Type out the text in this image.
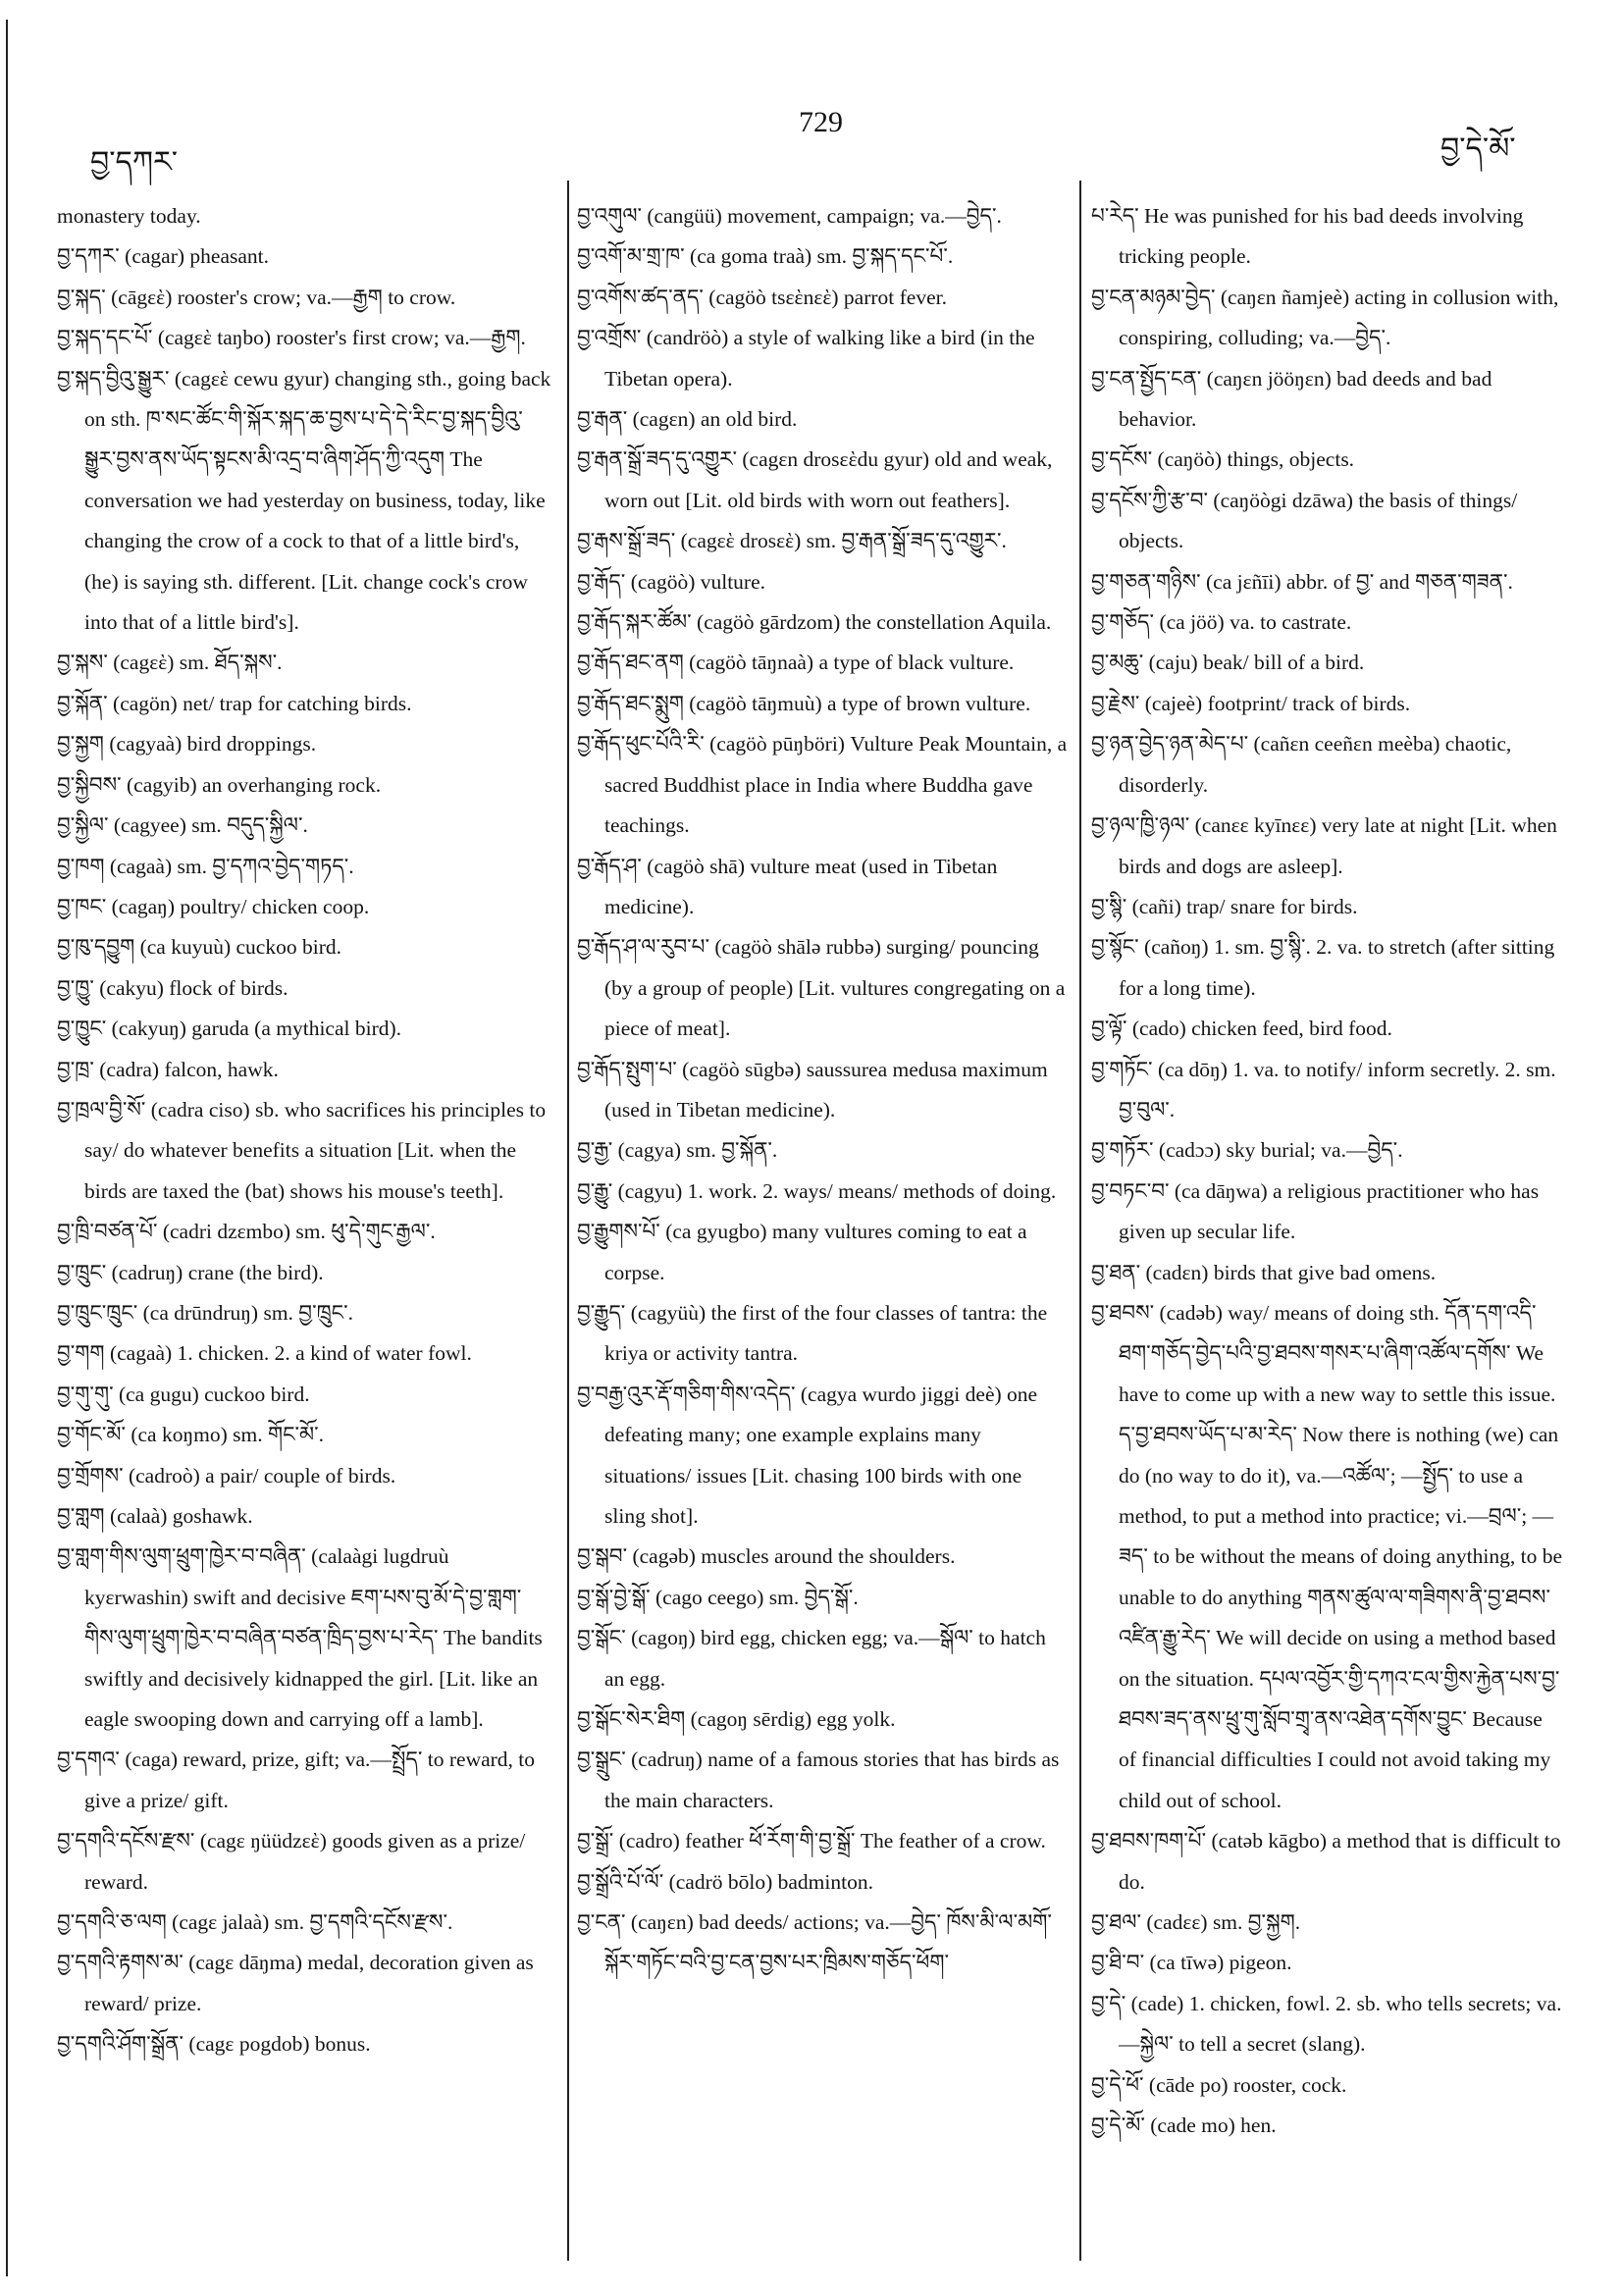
བྱ་དཀར་
729
བྱ་དེ་མོ་

monastery today.

བྱ་དཀར་ (cagar) pheasant.

བྱ་སྐད་ (cāgεὲ) rooster's crow; va.—རྒྱག to crow.

བྱ་སྐད་དང་པོ་ (cagεὲ taŋbo) rooster's first crow; va.—རྒྱག.

བྱ་སྐད་བྱིའུ་སྒྱུར་ (cagεὲ cewu gyur) changing sth., going back on sth. ཁ་སང་ཚོང་གི་སྐོར་སྐད་ཆ་བྱས་པ་དེ་དེ་རིང་བྱ་སྐད་བྱིའུ་སྒྱུར་བྱས་ནས་ཡོད་སྟངས་མི་འདྲ་བ་ཞིག་ཤོད་ཀྱི་འདུག The conversation we had yesterday on business, today, like changing the crow of a cock to that of a little bird's, (he) is saying sth. different. [Lit. change cock's crow into that of a little bird's].

བྱ་སྐས་ (cagεὲ) sm. ཐོད་སྐས་.

བྱ་སྐོན་ (cagön) net/ trap for catching birds.

བྱ་སྐྱག (cagyaà) bird droppings.

བྱ་སྐྱིབས་ (cagyib) an overhanging rock.

བྱ་སྐྱིལ་ (cagyee) sm. བདུད་སྐྱིལ་.

བྱ་ཁག (cagaà) sm. བྱ་དཀའ་བྱེད་གཏད་.

བྱ་ཁང་ (cagaŋ) poultry/ chicken coop.

བྱ་ཁུ་དབྱུག (ca kuyuù) cuckoo bird.

བྱ་ཁྱུ་ (cakyu) flock of birds.

བྱ་ཁྱུང་ (cakyuŋ) garuda (a mythical bird).

བྱ་ཁྲ་ (cadra) falcon, hawk.

བྱ་ཁྲལ་བྱི་སོ་ (cadra ciso) sb. who sacrifices his principles to say/ do whatever benefits a situation [Lit. when the birds are taxed the (bat) shows his mouse's teeth].

བྱ་ཁྲི་བཙན་པོ་ (cadri dzεmbo) sm. ཕུ་དེ་གུང་རྒྱལ་.

བྱ་ཁྲུང་ (cadruŋ) crane (the bird).

བྱ་ཁྲུང་ཁྲུང་ (ca drūndruŋ) sm. བྱ་ཁྲུང་.

བྱ་གག (cagaà) 1. chicken. 2. a kind of water fowl.

བྱ་གུ་གུ་ (ca gugu) cuckoo bird.

བྱ་གོང་མོ་ (ca koŋmo) sm. གོང་མོ་.

བྱ་གྲོགས་ (cadroò) a pair/ couple of birds.

བྱ་གླག (calaà) goshawk.

བྱ་གླག་གིས་ལུག་ཕྲུག་ཁྱེར་བ་བཞིན་ (calaàgi lugdruù kyεrwashin) swift and decisive ཇག་པས་བུ་མོ་དེ་བྱ་གླག་གིས་ལུག་ཕྲུག་ཁྱེར་བ་བཞིན་བཙན་ཁྲིད་བྱས་པ་རེད་ The bandits swiftly and decisively kidnapped the girl. [Lit. like an eagle swooping down and carrying off a lamb].

བྱ་དགའ་ (caga) reward, prize, gift; va.—སྤྲོད་ to reward, to give a prize/ gift.

བྱ་དགའི་དངོས་རྫས་ (cagε ŋüüdzεὲ) goods given as a prize/ reward.

བྱ་དགའི་ཅ་ལག (cagε jalaà) sm. བྱ་དགའི་དངོས་རྫས་.

བྱ་དགའི་རྟགས་མ་ (cagε dāŋma) medal, decoration given as reward/ prize.

བྱ་དགའི་ཤོག་སྒྲོན་ (cagε pogdob) bonus.

བྱ་འགུལ་ (cangüü) movement, campaign; va.—བྱེད་.

བྱ་འགོ་མ་གྲ་ཁ་ (ca goma traà) sm. བྱ་སྐད་དང་པོ་.

བྱ་འགོས་ཚད་ནད་ (cagöò tsεὲnεὲ) parrot fever.

བྱ་འགྲོས་ (candröò) a style of walking like a bird (in the Tibetan opera).

བྱ་རྒན་ (cagεn) an old bird.

བྱ་རྒན་སྒྲོ་ཟད་དུ་འགྱུར་ (cagεn drosεὲdu gyur) old and weak, worn out [Lit. old birds with worn out feathers].

བྱ་རྒས་སྒྲོ་ཟད་ (cagεὲ drosεὲ) sm. བྱ་རྒན་སྒྲོ་ཟད་དུ་འགྱུར་.

བྱ་རྒོད་ (cagöò) vulture.

བྱ་རྒོད་སྐར་ཚོམ་ (cagöò gārdzom) the constellation Aquila.

བྱ་རྒོད་ཐང་ནག (cagöò tāŋnaà) a type of black vulture.

བྱ་རྒོད་ཐང་སྨུག (cagöò tāŋmuù) a type of brown vulture.

བྱ་རྒོད་ཕུང་པོའི་རི་ (cagöò pūŋböri) Vulture Peak Mountain, a sacred Buddhist place in India where Buddha gave teachings.

བྱ་རྒོད་ཤ་ (cagöò shā) vulture meat (used in Tibetan medicine).

བྱ་རྒོད་ཤ་ལ་རུབ་པ་ (cagöò shālə rubbə) surging/ pouncing (by a group of people) [Lit. vultures congregating on a piece of meat].

བྱ་རྒོད་སྤུག་པ་ (cagöò sūgbə) saussurea medusa maximum (used in Tibetan medicine).

བྱ་རྒྱ་ (cagya) sm. བྱ་སྐོན་.

བྱ་རྒྱུ་ (cagyu) 1. work. 2. ways/ means/ methods of doing.

བྱ་རྒྱུགས་པོ་ (ca gyugbo) many vultures coming to eat a corpse.

བྱ་རྒྱུད་ (cagyüù) the first of the four classes of tantra: the kriya or activity tantra.

བྱ་བརྒྱ་འུར་རྡོ་གཅིག་གིས་འདེད་ (cagya wurdo jiggi deè) one defeating many; one example explains many situations/ issues [Lit. chasing 100 birds with one sling shot].

བྱ་སྒབ་ (cagəb) muscles around the shoulders.

བྱ་སྒོ་བྱེ་སྒོ་ (cago ceego) sm. བྱེད་སྒོ་.

བྱ་སྒོང་ (cagoŋ) bird egg, chicken egg; va.—སྒོལ་ to hatch an egg.

བྱ་སྒོང་སེར་ཐིག (cagoŋ sērdig) egg yolk.

བྱ་སྒྲུང་ (cadruŋ) name of a famous stories that has birds as the main characters.

བྱ་སྒྲོ་ (cadro) feather ཕོ་རོག་གི་བྱ་སྒྲོ་ The feather of a crow.

བྱ་སྒྲོའི་པོ་ལོ་ (cadrö bōlo) badminton.

བྱ་ངན་ (caŋεn) bad deeds/ actions; va.—བྱེད་ ཁོས་མི་ལ་མགོ་སྐོར་གཏོང་བའི་བྱ་ངན་བྱས་པར་ཁྲིམས་གཅོད་ཕོག་

པ་རེད་ He was punished for his bad deeds involving tricking people.

བྱ་ངན་མཉམ་བྱེད་ (caŋεn ñamjeè) acting in collusion with, conspiring, colluding; va.—བྱེད་.

བྱ་ངན་སྤྱོད་ངན་ (caŋεn jööŋεn) bad deeds and bad behavior.

བྱ་དངོས་ (caŋöò) things, objects.

བྱ་དངོས་ཀྱི་རྩ་བ་ (caŋöògi dzāwa) the basis of things/ objects.

བྱ་གཅན་གཉིས་ (ca jεñīi) abbr. of བྱ་ and གཅན་གཟན་.

བྱ་གཅོད་ (ca jöö) va. to castrate.

བྱ་མཆུ་ (caju) beak/ bill of a bird.

བྱ་རྗེས་ (cajeè) footprint/ track of birds.

བྱ་ཉན་བྱེད་ཉན་མེད་པ་ (cañεn ceeñεn meèba) chaotic, disorderly.

བྱ་ཉལ་ཁྱི་ཉལ་ (canεε kyīnεε) very late at night [Lit. when birds and dogs are asleep].

བྱ་སྙི་ (cañi) trap/ snare for birds.

བྱ་སྙོང་ (cañoŋ) 1. sm. བྱ་སྙི་. 2. va. to stretch (after sitting for a long time).

བྱ་ལྟོ་ (cado) chicken feed, bird food.

བྱ་གཏོང་ (ca dōŋ) 1. va. to notify/ inform secretly. 2. sm. བྱ་བུལ་.

བྱ་གཏོར་ (cadɔɔ) sky burial; va.—བྱེད་.

བྱ་བཏང་བ་ (ca dāŋwa) a religious practitioner who has given up secular life.

བྱ་ཐན་ (cadεn) birds that give bad omens.

བྱ་ཐབས་ (cadəb) way/ means of doing sth. དོན་དག་འདི་ཐག་གཅོད་བྱེད་པའི་བྱ་ཐབས་གསར་པ་ཞིག་འཚོལ་དགོས་ We have to come up with a new way to settle this issue. ད་བྱ་ཐབས་ཡོད་པ་མ་རེད་ Now there is nothing (we) can do (no way to do it), va.—འཚོལ་; —སྤྱོད་ to use a method, to put a method into practice; vi.—བྲལ་; —ཟད་ to be without the means of doing anything, to be unable to do anything གནས་ཚུལ་ལ་གཟིགས་ནི་བྱ་ཐབས་འཛིན་རྒྱུ་རེད་ We will decide on using a method based on the situation. དཔལ་འབྱོར་གྱི་དཀའ་ངལ་གྱིས་རྐྱེན་པས་བྱ་ཐབས་ཟད་ནས་ཕྲུ་གུ་སློབ་གྲྭ་ནས་འཐེན་དགོས་བྱུང་ Because of financial difficulties I could not avoid taking my child out of school.

བྱ་ཐབས་ཁག་པོ་ (catəb kāgbo) a method that is difficult to do.

བྱ་ཐལ་ (cadεε) sm. བྱ་སྐྱག.

བྱ་ཐི་བ་ (ca tīwə) pigeon.

བྱ་དེ་ (cade) 1. chicken, fowl. 2. sb. who tells secrets; va.—སྐྱེལ་ to tell a secret (slang).

བྱ་དེ་ཕོ་ (cāde po) rooster, cock.

བྱ་དེ་མོ་ (cade mo) hen.
